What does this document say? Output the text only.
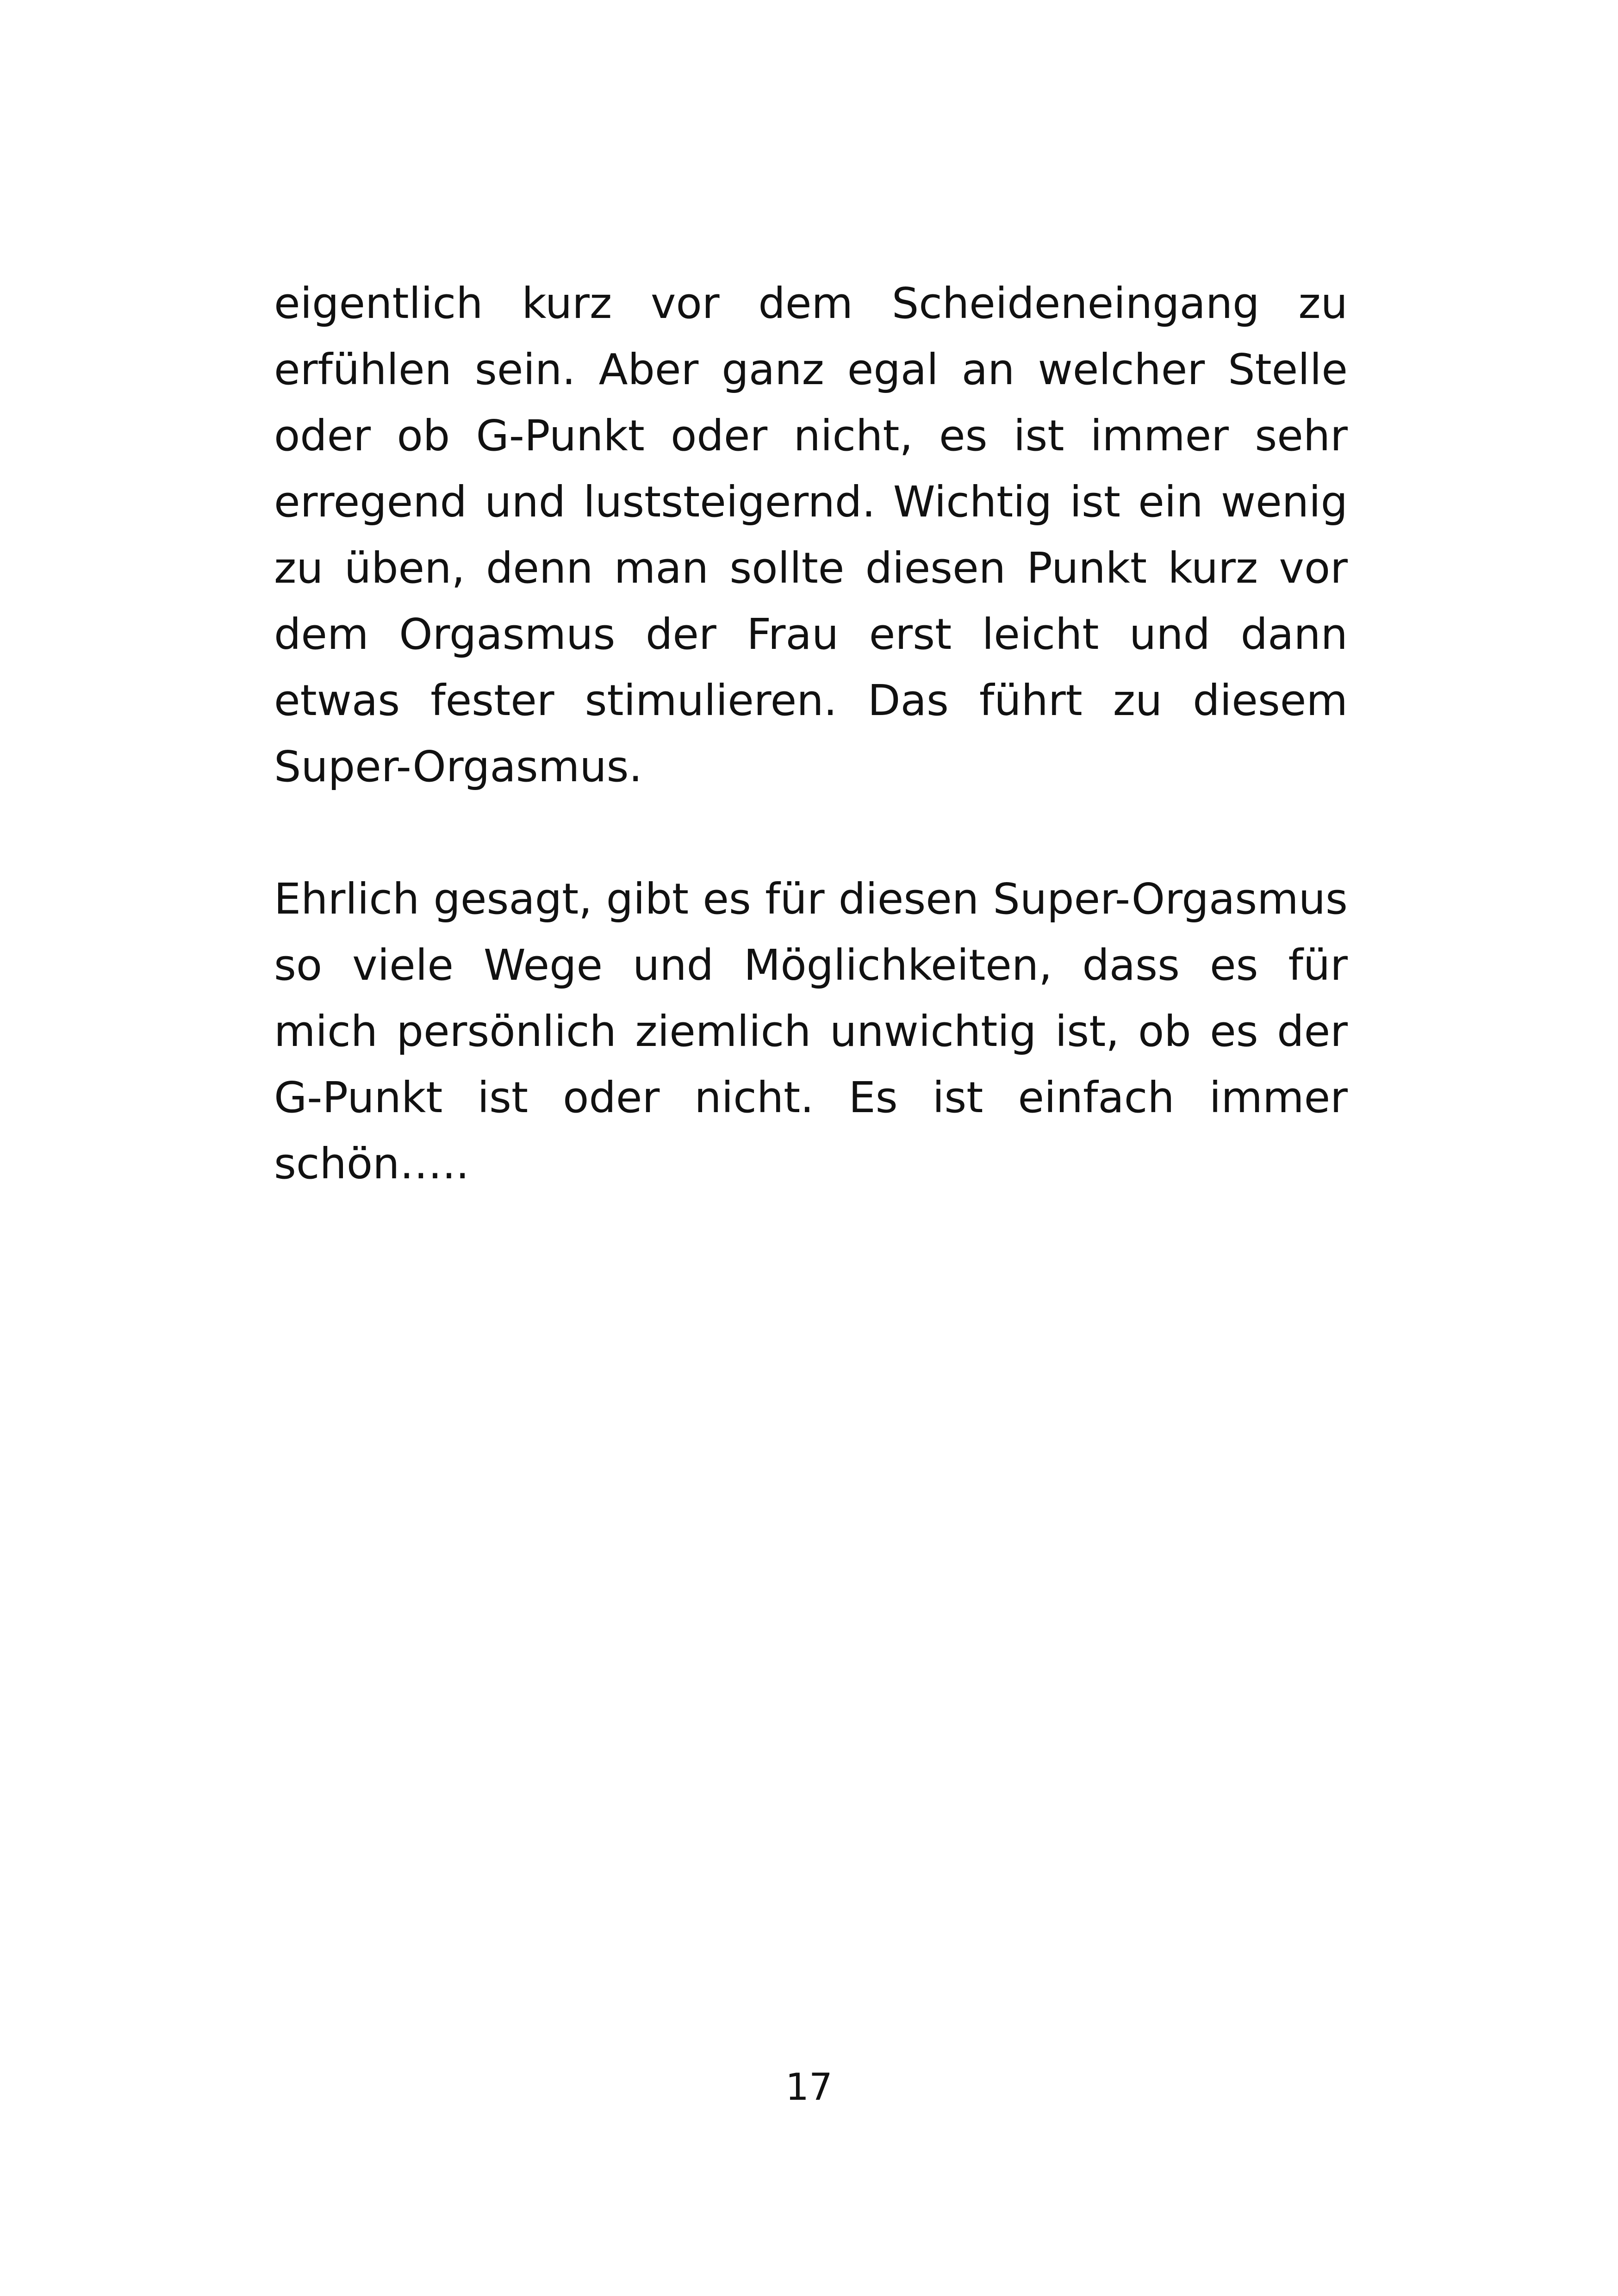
eigentlich kurz vor dem Scheideneingang zu erfühlen sein. Aber ganz egal an welcher Stelle oder ob G-Punkt oder nicht, es ist immer sehr erregend und luststeigernd. Wichtig ist ein wenig zu üben, denn man sollte diesen Punkt kurz vor dem Orgasmus der Frau erst leicht und dann etwas fester stimulieren. Das führt zu diesem Super-Orgasmus.

Ehrlich gesagt, gibt es für diesen Super-Orgasmus so viele Wege und Möglichkeiten, dass es für mich persönlich ziemlich unwichtig ist, ob es der G-Punkt ist oder nicht. Es ist einfach immer schön…..

17
